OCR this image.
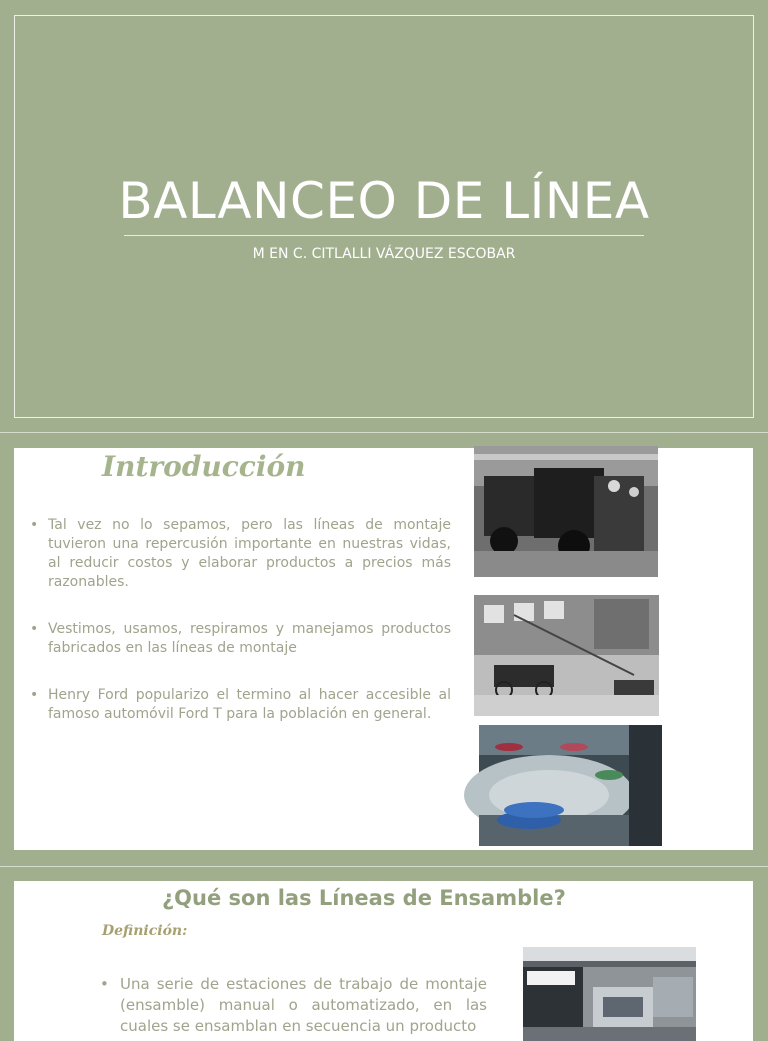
BALANCEO DE LÍNEA
M EN C. CITLALLI VÁZQUEZ ESCOBAR
Introducción
• Tal vez no lo sepamos, pero las líneas de montaje tuvieron una repercusión importante en nuestras vidas, al reducir costos y elaborar productos a precios más razonables.
• Vestimos, usamos, respiramos y manejamos productos fabricados en las líneas de montaje
• Henry Ford popularizo el termino al hacer accesible al famoso automóvil Ford T para la población en general.
¿Qué son las Líneas de Ensamble?
Definición:
• Una serie de estaciones de trabajo de montaje (ensamble) manual o automatizado, en las cuales se ensamblan en secuencia un producto
